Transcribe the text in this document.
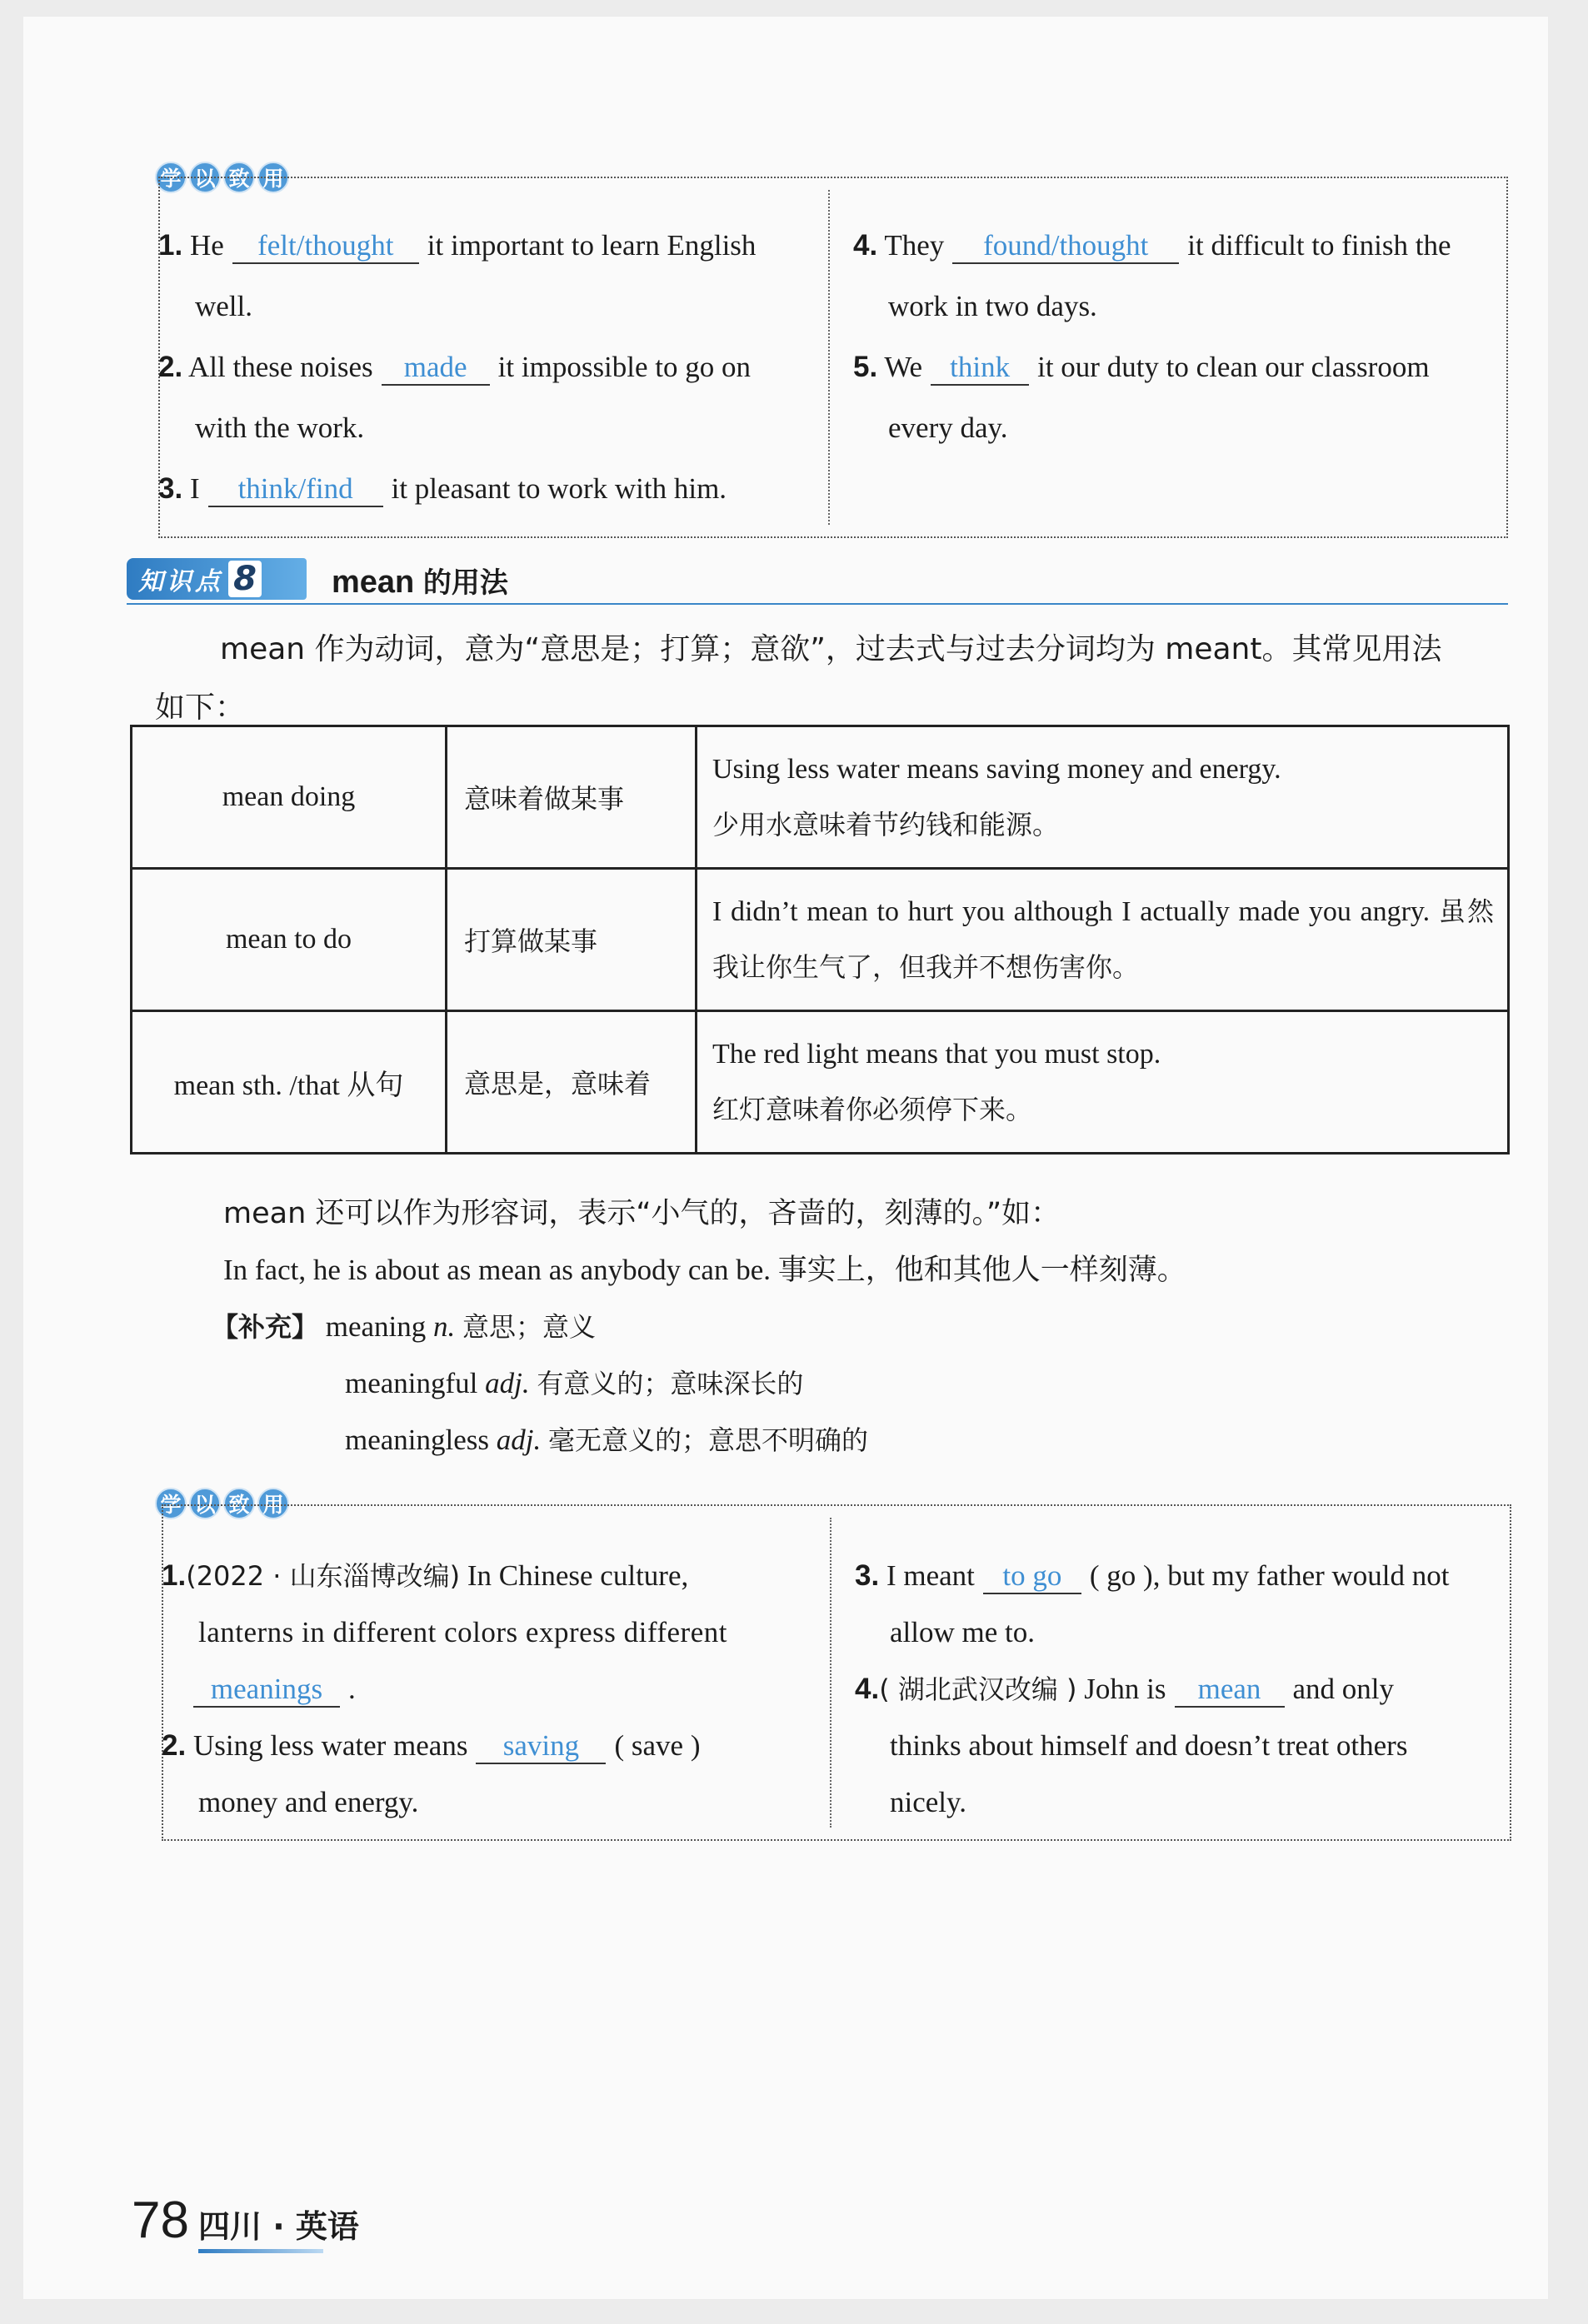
学 以 致 用
1. He felt/thought it important to learn English
well.
2. All these noises made it impossible to go on
with the work.
3. I think/find it pleasant to work with him.
4. They found/thought it difficult to finish the
work in two days.
5. We think it our duty to clean our classroom
every day.
知识点 8 mean 的用法
mean 作为动词，意为“意思是；打算；意欲”，过去式与过去分词均为 meant。其常见用法
如下：
mean doing	意味着做某事	Using less water means saving money and energy.
少用水意味着节约钱和能源。

mean to do	打算做某事	I didn’t mean to hurt you although I actually made you angry. 虽然我让你生气了，但我并不想伤害你。
mean sth. /that 从句	意思是，意味着	The red light means that you must stop.
红灯意味着你必须停下来。
mean 还可以作为形容词，表示“小气的，吝啬的，刻薄的。”如：
In fact, he is about as mean as anybody can be. 事实上，他和其他人一样刻薄。
【补充】 meaning n. 意思；意义
meaningful adj. 有意义的；意味深长的
meaningless adj. 毫无意义的；意思不明确的
学 以 致 用
1.(2022 · 山东淄博改编) In Chinese culture,
lanterns in different colors express different
meanings .
2. Using less water means saving ( save )
money and energy.
3. I meant to go ( go ), but my father would not
allow me to.
4.( 湖北武汉改编 ) John is mean and only
thinks about himself and doesn’t treat others
nicely.
78 四川 · 英语
